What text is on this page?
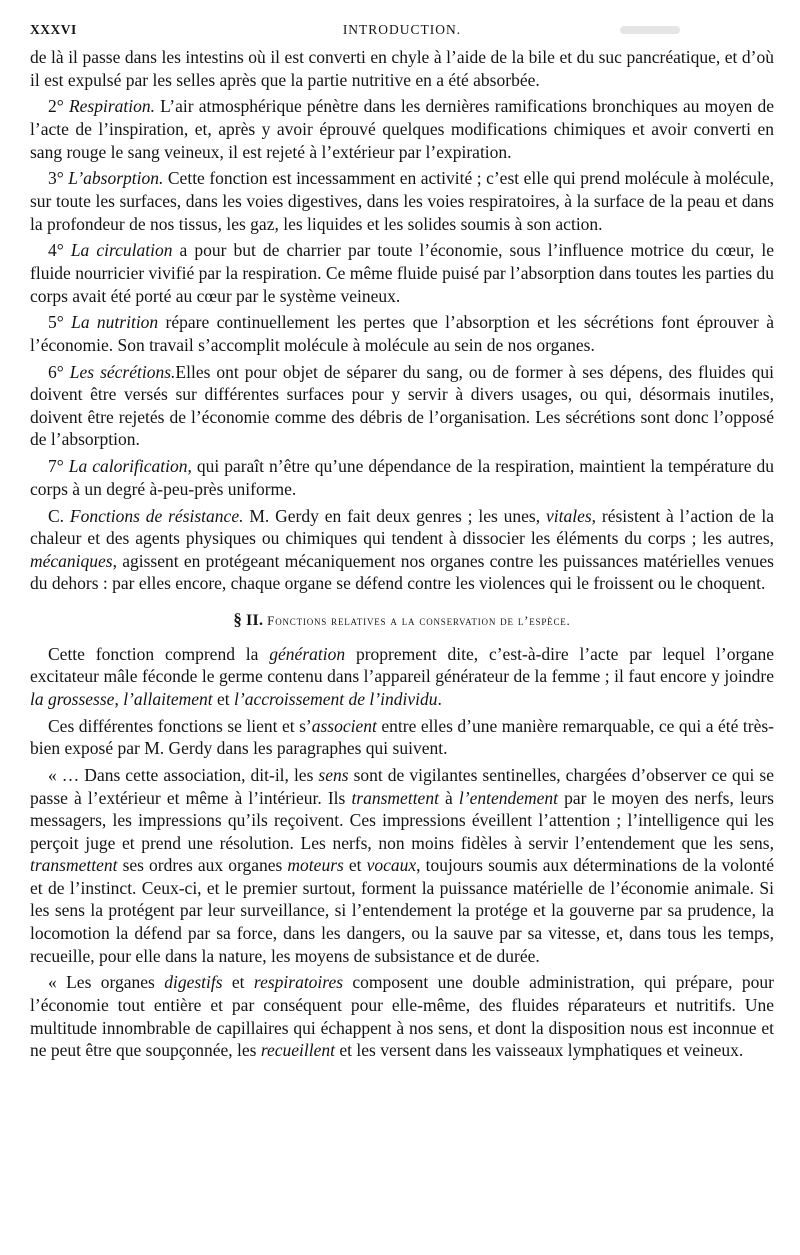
XXXVI	INTRODUCTION.

de là il passe dans les intestins où il est converti en chyle à l’aide de la bile et du suc pancréatique, et d’où il est expulsé par les selles après que la partie nutritive en a été absorbée.

2° Respiration. L’air atmosphérique pénètre dans les dernières ramifications bronchiques au moyen de l’acte de l’inspiration, et, après y avoir éprouvé quelques modifications chimiques et avoir converti en sang rouge le sang veineux, il est rejeté à l’extérieur par l’expiration.

3° L’absorption. Cette fonction est incessamment en activité ; c’est elle qui prend molécule à molécule, sur toute les surfaces, dans les voies digestives, dans les voies respiratoires, à la surface de la peau et dans la profondeur de nos tissus, les gaz, les liquides et les solides soumis à son action.

4° La circulation a pour but de charrier par toute l’économie, sous l’influence motrice du cœur, le fluide nourricier vivifié par la respiration. Ce même fluide puisé par l’absorption dans toutes les parties du corps avait été porté au cœur par le système veineux.

5° La nutrition répare continuellement les pertes que l’absorption et les sécrétions font éprouver à l’économie. Son travail s’accomplit molécule à molécule au sein de nos organes.

6° Les sécrétions.Elles ont pour objet de séparer du sang, ou de former à ses dépens, des fluides qui doivent être versés sur différentes surfaces pour y servir à divers usages, ou qui, désormais inutiles, doivent être rejetés de l’économie comme des débris de l’organisation. Les sécrétions sont donc l’opposé de l’absorption.

7° La calorification, qui paraît n’être qu’une dépendance de la respiration, maintient la température du corps à un degré à-peu-près uniforme.

C. Fonctions de résistance. M. Gerdy en fait deux genres ; les unes, vitales, résistent à l’action de la chaleur et des agents physiques ou chimiques qui tendent à dissocier les éléments du corps ; les autres, mécaniques, agissent en protégeant mécaniquement nos organes contre les puissances matérielles venues du dehors : par elles encore, chaque organe se défend contre les violences qui le froissent ou le choquent.

§ II. Fonctions relatives a la conservation de l’espèce.

Cette fonction comprend la génération proprement dite, c’est-à-dire l’acte par lequel l’organe excitateur mâle féconde le germe contenu dans l’appareil générateur de la femme ; il faut encore y joindre la grossesse, l’allaitement et l’accroissement de l’individu.

Ces différentes fonctions se lient et s’associent entre elles d’une manière remarquable, ce qui a été très-bien exposé par M. Gerdy dans les paragraphes qui suivent.

« … Dans cette association, dit-il, les sens sont de vigilantes sentinelles, chargées d’observer ce qui se passe à l’extérieur et même à l’intérieur. Ils transmettent à l’entendement par le moyen des nerfs, leurs messagers, les impressions qu’ils reçoivent. Ces impressions éveillent l’attention ; l’intelligence qui les perçoit juge et prend une résolution. Les nerfs, non moins fidèles à servir l’entendement que les sens, transmettent ses ordres aux organes moteurs et vocaux, toujours soumis aux déterminations de la volonté et de l’instinct. Ceux-ci, et le premier surtout, forment la puissance matérielle de l’économie animale. Si les sens la protégent par leur surveillance, si l’entendement la protége et la gouverne par sa prudence, la locomotion la défend par sa force, dans les dangers, ou la sauve par sa vitesse, et, dans tous les temps, recueille, pour elle dans la nature, les moyens de subsistance et de durée.

« Les organes digestifs et respiratoires composent une double administration, qui prépare, pour l’économie tout entière et par conséquent pour elle-même, des fluides réparateurs et nutritifs. Une multitude innombrable de capillaires qui échappent à nos sens, et dont la disposition nous est inconnue et ne peut être que soupçonnée, les recueillent et les versent dans les vaisseaux lymphatiques et veineux.
